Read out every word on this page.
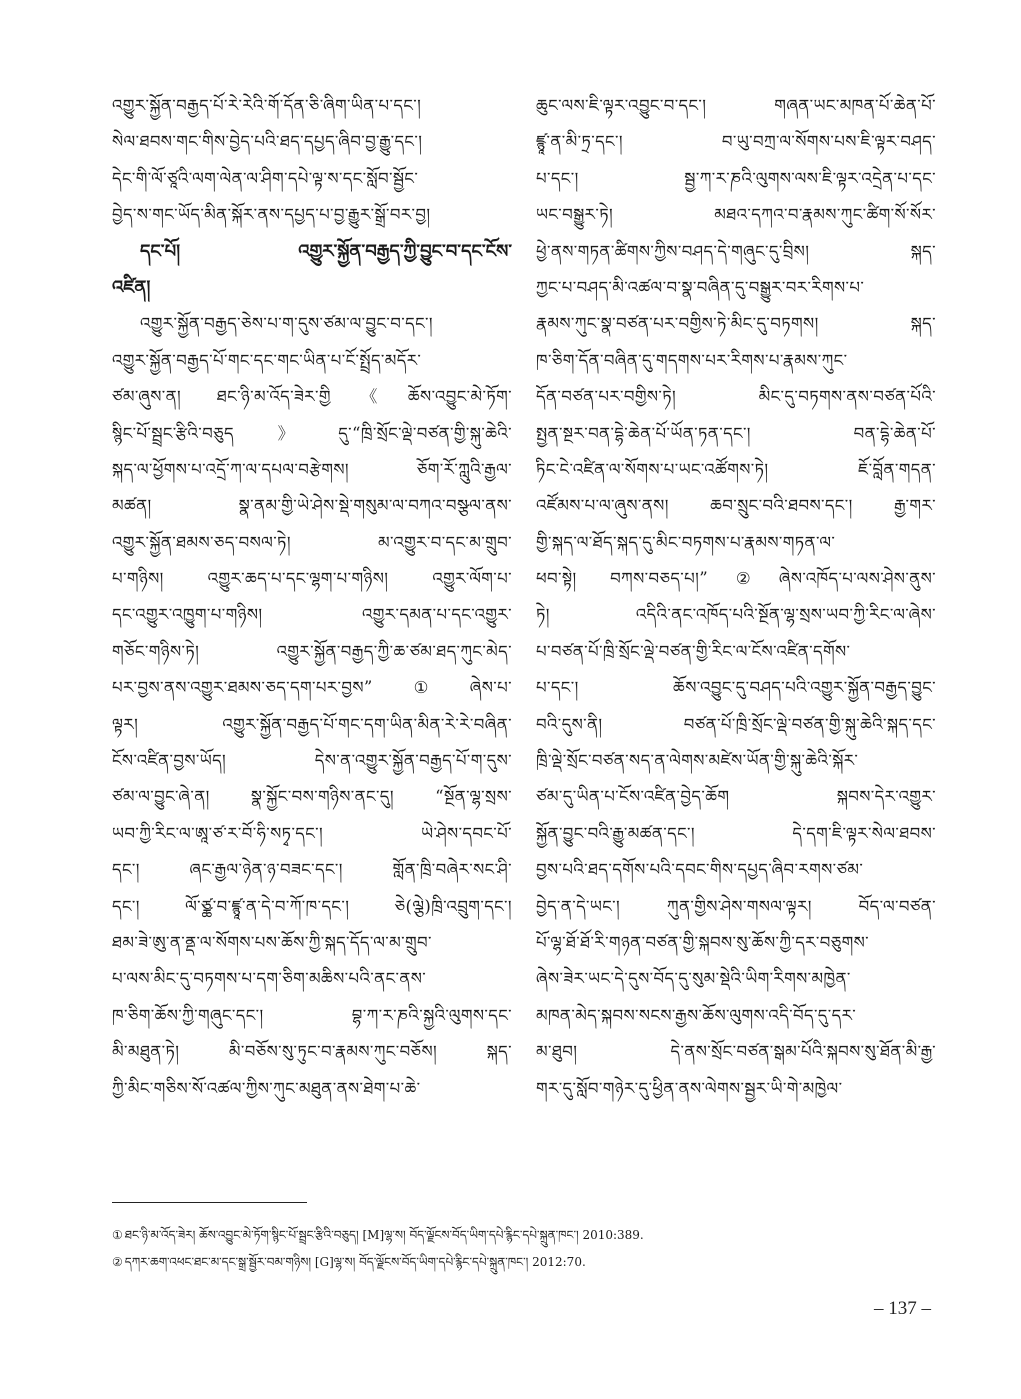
འགྱུར་སྐྱོན་བརྒྱད་པོ་རེ་རེའི་གོ་དོན་ཅི་ཞིག་ཡིན་པ་དང་།
སེལ་ཐབས་གང་གིས་བྱེད་པའི་ཐད་དཔྱད་ཞིབ་བྱ་རྒྱུ་དང་།
དེང་གི་ལོ་ཙཱའི་ལག་ལེན་ལ་ཤིག་དཔེ་ལྟ་ས་དང་སློབ་སྦྱོང་
བྱེད་ས་གང་ཡོད་མིན་སྐོར་ནས་དཔྱད་པ་བྱ་རྒྱུར་སྒྲོ་བར་བྱ།
དང་པོ། འགྱུར་སྐྱོན་བརྒྱད་ཀྱི་བྱུང་བ་དང་ངོས་
འཛིན།
འགྱུར་སྐྱོན་བརྒྱད་ཅེས་པ་ག་དུས་ཙམ་ལ་བྱུང་བ་དང་།
འགྱུར་སྐྱོན་བརྒྱད་པོ་གང་དང་གང་ཡིན་པ་ངོ་སྤྲོད་མདོར་
ཙམ་ཞུས་ན། ཐང་ཉི་མ་འོད་ཟེར་གྱི《ཆོས་འབྱུང་མེ་ཏོག་
སྙིང་པོ་སྦྲང་རྩིའི་བཅུད》དུ་“ཁྲི་སྲོང་ལྡེ་བཙན་གྱི་སྐུ་ཆེའི་
སྐད་ལ་ཕྱོགས་པ་འདྲོ་ཀ་ལ་དཔལ་བརྩེགས། ཅོག་རོ་ཀླུའི་རྒྱལ་
མཚན། སྣ་ནམ་གྱི་ཡེ་ཤེས་སྡེ་གསུམ་ལ་བཀའ་བསྩལ་ནས་
འགྱུར་སྐྱོན་ཐམས་ཅད་བསལ་ཏེ། མ་འགྱུར་བ་དང་མ་གྲུབ་
པ་གཉིས། འགྱུར་ཆད་པ་དང་ལྷག་པ་གཉིས། འགྱུར་ལོག་པ་
དང་འགྱུར་འཁྱུག་པ་གཉིས། འགྱུར་དམན་པ་དང་འགྱུར་
གཅོང་གཉིས་ཏེ། འགྱུར་སྐྱོན་བརྒྱད་ཀྱི་ཆ་ཙམ་ཐད་ཀུང་མེད་
པར་བྱས་ནས་འགྱུར་ཐམས་ཅད་དག་པར་བྱས”①ཞེས་པ་
ལྟར། འགྱུར་སྐྱོན་བརྒྱད་པོ་གང་དག་ཡིན་མིན་རེ་རེ་བཞིན་
ངོས་འཛིན་བྱས་ཡོད། དེས་ན་འགྱུར་སྐྱོན་བརྒྱད་པོ་ག་དུས་
ཙམ་ལ་བྱུང་ཞེ་ན། སྣ་སྐྱོང་བས་གཉིས་ནང་དུ། “སྔོན་ལྷ་སྲས་
ཡབ་ཀྱི་རིང་ལ་ཨཱ་ཙ་ར་བོ་ཧི་སཏྭ་དང་། ཡེ་ཤེས་དབང་པོ་
དང་། ཞང་རྒྱལ་ཉེན་ཉ་བཟང་དང་། གློན་ཁྲི་བཞེར་སང་ཤི་
དང་། ལོ་ཙྪ་བ་ཛྙཱ་ན་དེ་བ་ཀོ་ཁ་དང་། ཅེ(ལྕེ)ཁྲི་འབྲུག་དང་།
ཐམ་ཟེ་ཨུ་ན་ནྡ་ལ་སོགས་པས་ཆོས་ཀྱི་སྐད་དོད་ལ་མ་གྲུབ་
པ་ལས་མིང་དུ་བཏགས་པ་དག་ཅིག་མཆིས་པའི་ནང་ནས་
ཁ་ཅིག་ཆོས་ཀྱི་གཞུང་དང་། བྷ་ཀ་ར་ཎའི་སྐྱའི་ལུགས་དང་
མི་མཐུན་ཏེ། མི་བཅོས་སུ་ཏུང་བ་རྣམས་ཀུང་བཅོས། སྐད་
ཀྱི་མིང་གཅིས་སོ་འཚལ་ཀྱིས་ཀུང་མཐུན་ནས་ཐེག་པ་ཆེ་
ཆུང་ལས་ཇི་ལྟར་འབྱུང་བ་དང་། གཞན་ཡང་མཁན་པོ་ཆེན་པོ་
ཛྙཱ་ན་མི་ཏྲ་དང་། བ་ཡུ་བཀྲ་ལ་སོགས་པས་ཇི་ལྟར་བཤད་
པ་དང་། སྦྱ་ཀ་ར་ཎའི་ལུགས་ལས་ཇི་ལྟར་འདྲེན་པ་དང་
ཡང་བསྒྱུར་ཏེ། མཐའ་དཀའ་བ་རྣམས་ཀུང་ཚིག་སོ་སོར་
ཕྱེ་ནས་གཏན་ཚིགས་ཀྱིས་བཤད་དེ་གཞུང་དུ་བྲིས། སྐད་
ཀྱང་པ་བཤད་མི་འཚལ་བ་སྣ་བཞིན་དུ་བསྒྱུར་བར་རིགས་པ་
རྣམས་ཀུང་སྣ་བཙན་པར་བགྱིས་ཏེ་མིང་དུ་བཏགས། སྐད་
ཁ་ཅིག་དོན་བཞིན་དུ་གདགས་པར་རིགས་པ་རྣམས་ཀུང་
དོན་བཙན་པར་བགྱིས་ཏེ། མིང་དུ་བཏགས་ནས་བཙན་པོའི་
སྤྱན་སྔར་བན་དྷེ་ཆེན་པོ་ཡོན་ཏན་དང་། བན་དྷེ་ཆེན་པོ་
ཏིང་ངེ་འཛིན་ལ་སོགས་པ་ཡང་འཚོགས་ཏེ། ཇོ་བློན་གདན་
འཛོམས་པ་ལ་ཞུས་ནས། ཆབ་སྲུང་བའི་ཐབས་དང་། རྒྱ་གར་
གྱི་སྐད་ལ་ཐོད་སྐད་དུ་མིང་བཏགས་པ་རྣམས་གཏན་ལ་
ཕབ་སྟེ། བཀས་བཅད་པ།”②ཞེས་འཁོད་པ་ལས་ཤེས་ནུས་
ཏེ། འདིའི་ནང་འཁོད་པའི་སྔོན་ལྷ་སྲས་ཡབ་ཀྱི་རིང་ལ་ཞེས་
པ་བཙན་པོ་ཁྲི་སྲོང་ལྡེ་བཙན་གྱི་རིང་ལ་ངོས་འཛིན་དགོས་
པ་དང་། ཆོས་འབྱུང་དུ་བཤད་པའི་འགྱུར་སྐྱོན་བརྒྱད་བྱུང་
བའི་དུས་ནི། བཙན་པོ་ཁྲི་སྲོང་ལྡེ་བཙན་གྱི་སྐུ་ཆེའི་སྐད་དང་
ཁྲི་ལྡེ་སྲོང་བཙན་སད་ན་ལེགས་མཛེས་ཡོན་གྱི་སྐུ་ཆེའི་སྐོར་
ཙམ་དུ་ཡིན་པ་ངོས་འཛིན་བྱེད་ཆོག སྐབས་དེར་འགྱུར་
སྐྱོན་བྱུང་བའི་རྒྱུ་མཚན་དང་། དེ་དག་ཇི་ལྟར་སེལ་ཐབས་
བྱས་པའི་ཐད་དགོས་པའི་དབང་གིས་དཔྱད་ཞིབ་རགས་ཙམ་
བྱེད་ན་དེ་ཡང་། ཀུན་གྱིས་ཤེས་གསལ་ལྟར། བོད་ལ་བཙན་
པོ་ལྷ་ཐོ་ཐོ་རི་གཉན་བཙན་གྱི་སྐབས་སུ་ཆོས་ཀྱི་དར་བཅུགས་
ཞེས་ཟེར་ཡང་དེ་དུས་བོད་དུ་སུམ་སྡེའི་ཡིག་རིགས་མཁྱེན་
མཁན་མེད་སྐབས་སངས་རྒྱས་ཆོས་ལུགས་འདི་བོད་དུ་དར་
མ་ཐུབ། དེ་ནས་སྲོང་བཙན་སྒམ་པོའི་སྐབས་སུ་ཐོན་མི་རྒྱ་
གར་དུ་སློབ་གཉེར་དུ་ཕྱིན་ནས་ལེགས་སྦྱར་ཡི་གེ་མཁྱེལ་
① ཐང་ཉི་མ་འོད་ཟེར། ཆོས་འབྱུང་མེ་ཏོག་སྙིང་པོ་སྦྲང་རྩིའི་བཅུད། [M]ལྷ་ས། བོད་ལྗོངས་བོད་ཡིག་དཔེ་རྙིང་དཔེ་སྐྲུན་ཁང་། 2010:389.
② དཀར་ཆག་འཕང་ཐང་མ་དང་སྒྲ་སྦྱོར་བམ་གཉིས། [G]ལྷ་ས། བོད་ལྗོངས་བོད་ཡིག་དཔེ་རྙིང་དཔེ་སྐྲུན་ཁང་། 2012:70.
– 137 –
